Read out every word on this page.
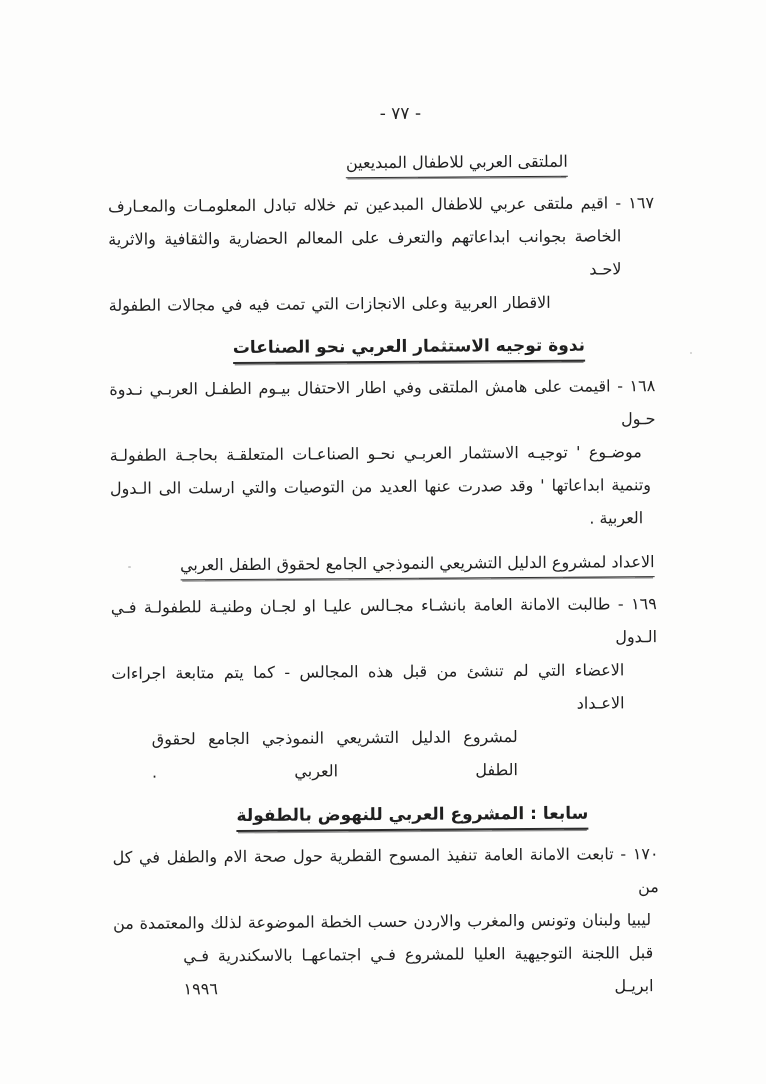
- ٧٧ -
الملتقى العربي للاطفال المبديعين
١٦٧ - اقيم ملتقى عربي للاطفال المبدعين تم خلاله تبادل المعلومـات والمعـارف
الخاصة بجوانب ابداعاتهم والتعرف على المعالم الحضارية والثقافية والاثرية لاحـد
الاقطار العربية وعلى الانجازات التي تمت فيه في مجالات الطفولة
ندوة توجيه الاستثمار العربي نحو الصناعات
١٦٨ - اقيمت على هامش الملتقى وفي اطار الاحتفال بيـوم الطفـل العربـي نـدوة حـول
موضـوع ' توجيـه الاستثمار العربـي نحـو الصناعـات المتعلقـة بحاجـة الطفولـة
وتنمية ابداعاتها ' وقد صدرت عنها العديد من التوصيات والتي ارسلت الى الـدول
العربية .
الاعداد لمشروع الدليل التشريعي النموذجي الجامع لحقوق الطفل العربي
١٦٩ - طالبت الامانة العامة بانشـاء مجـالس عليـا او لجـان وطنيـة للطفولـة فـي الـدول
الاعضاء التي لم تنشئ من قبل هذه المجالس - كما يتم متابعة اجراءات الاعـداد
لمشروع الدليل التشريعي النموذجي الجامع لحقوق الطفل العربي .
سابعا : المشروع العربي للنهوض بالطفولة
١٧٠ - تابعت الامانة العامة تنفيذ المسوح القطرية حول صحة الام والطفل في كل من
ليبيا ولبنان وتونس والمغرب والاردن حسب الخطة الموضوعة لذلك والمعتمدة من
قبل اللجنة التوجيهية العليا للمشروع فـي اجتماعهـا بالاسكندرية فـي ابريـل ١٩٩٦
